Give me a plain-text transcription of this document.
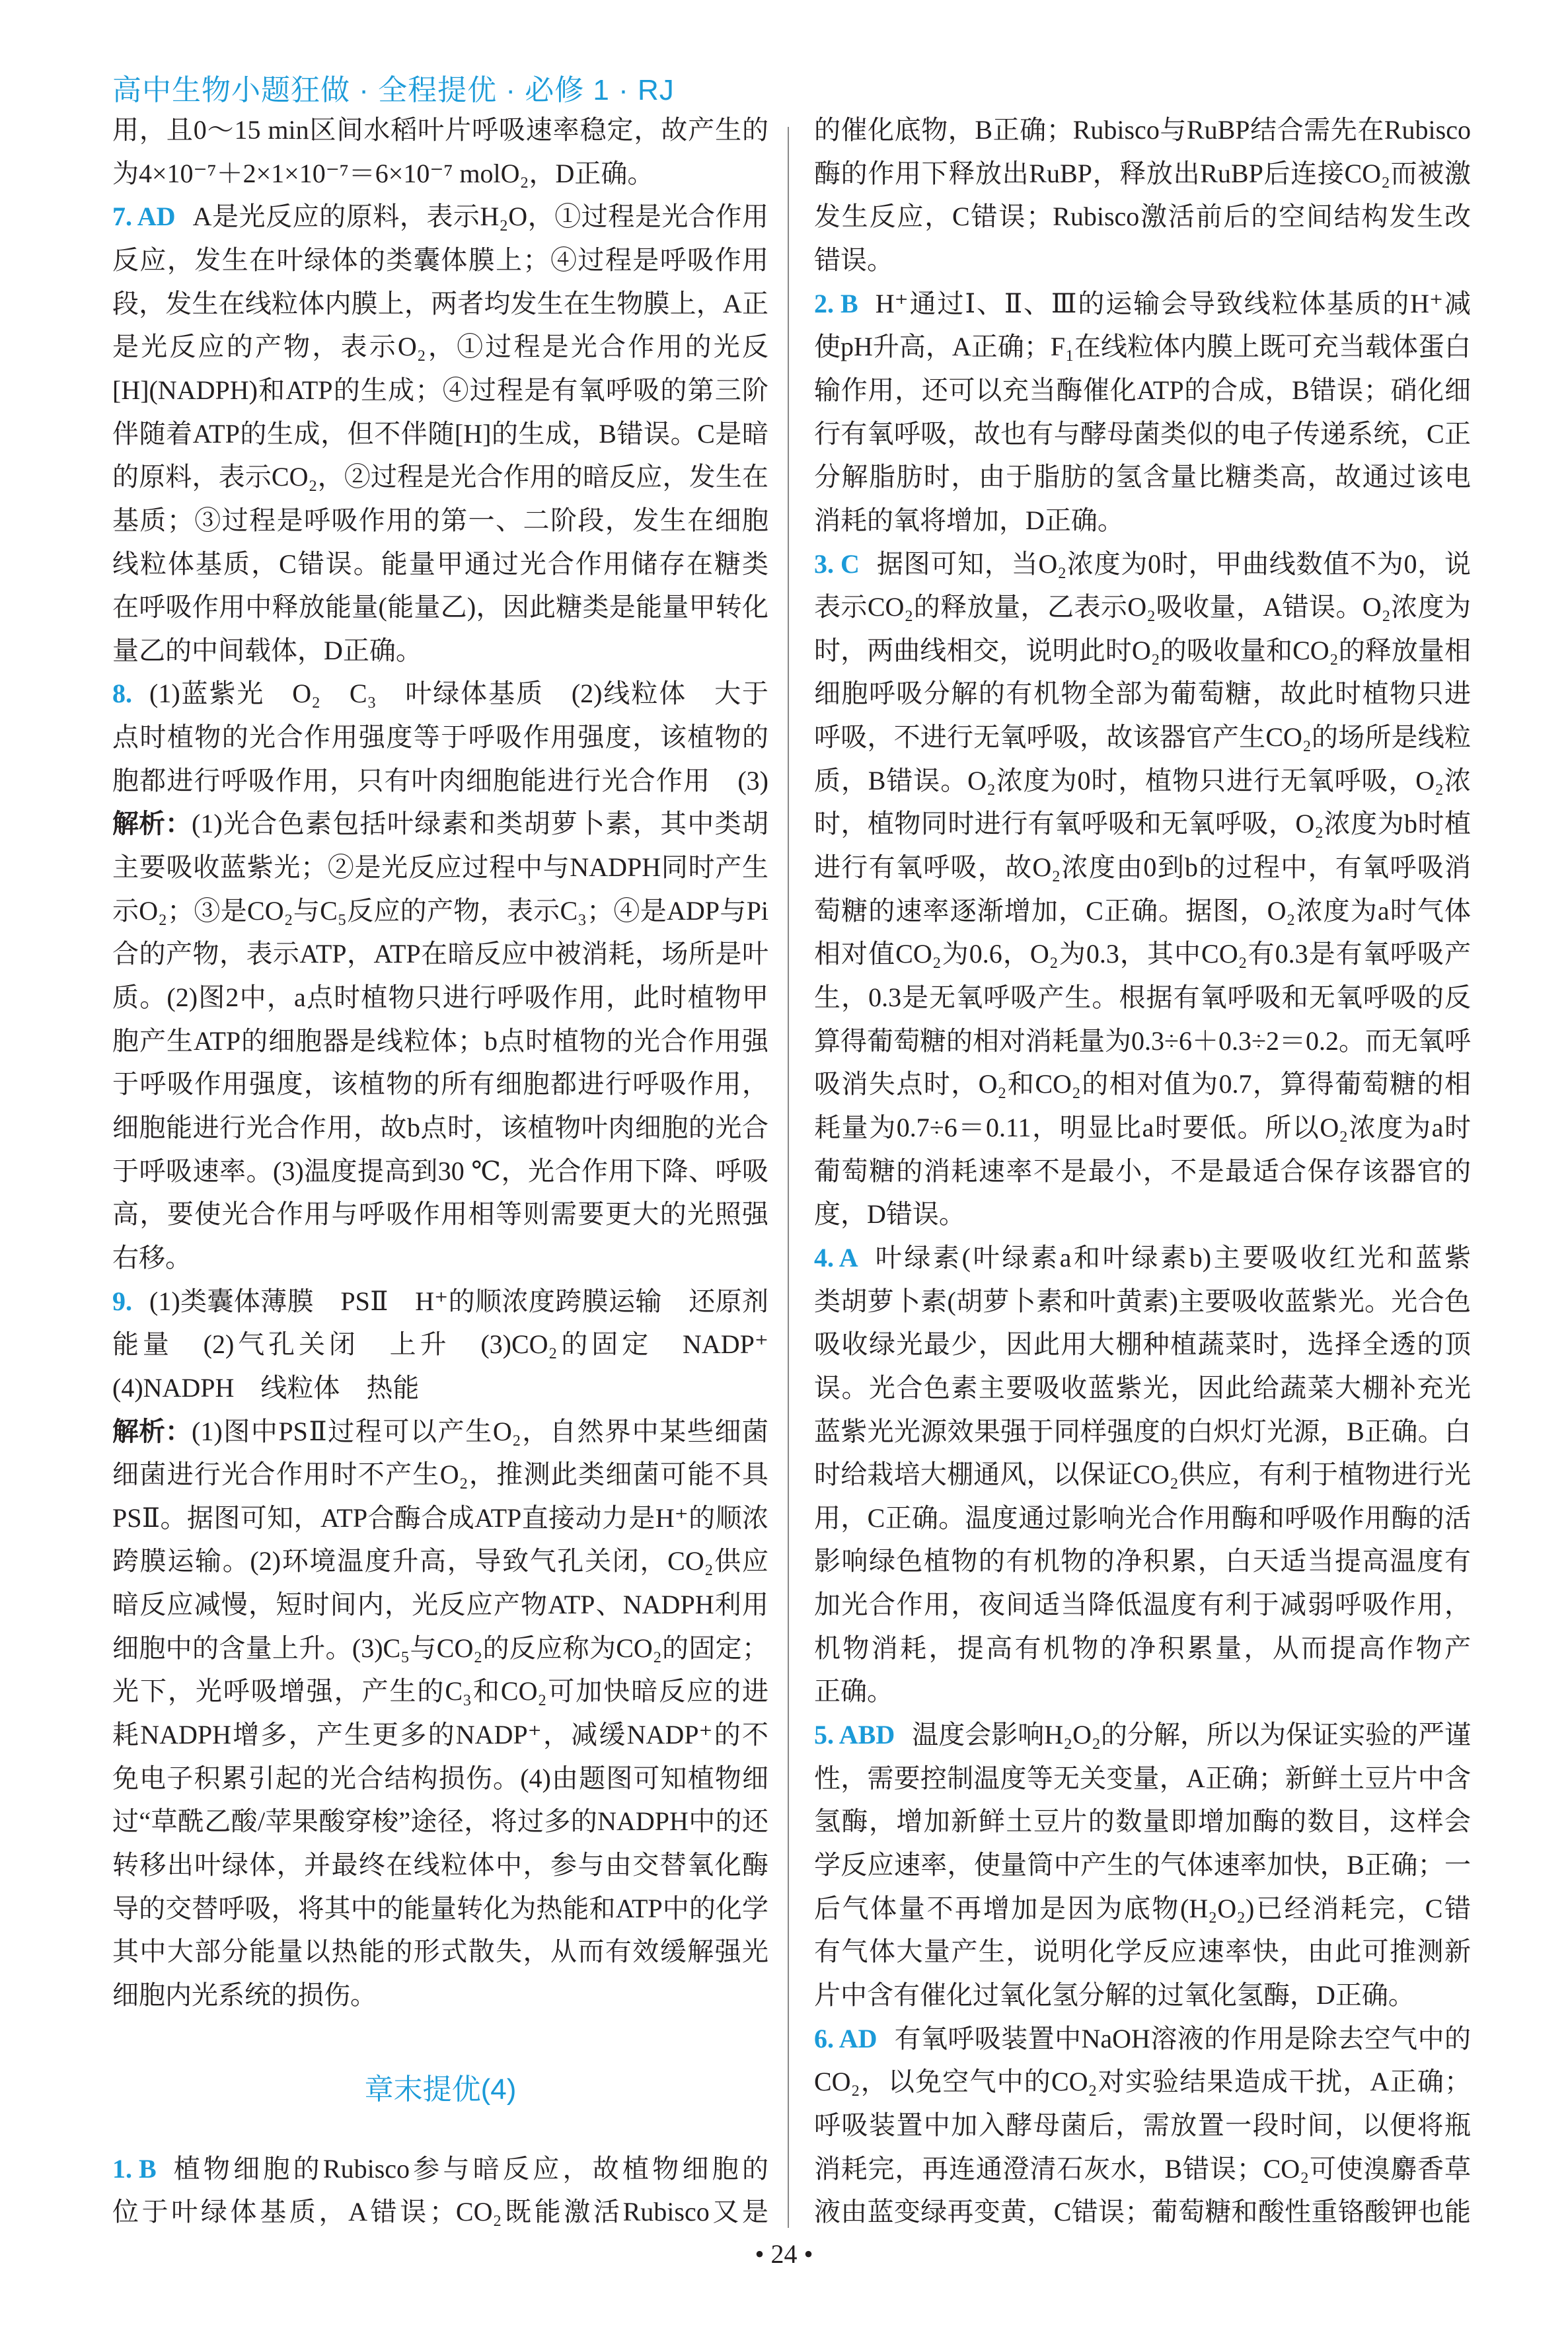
高中生物小题狂做 · 全程提优 · 必修 1 · RJ
用，且0～15 min区间水稻叶片呼吸速率稳定，故产生的
为4×10⁻⁷＋2×1×10⁻⁷＝6×10⁻⁷ molO₂，D正确。
7. AD A是光反应的原料，表示H₂O，①过程是光合作用
反应，发生在叶绿体的类囊体膜上；④过程是呼吸作用
段，发生在线粒体内膜上，两者均发生在生物膜上，A正
是光反应的产物，表示O₂，①过程是光合作用的光反
[H](NADPH)和ATP的生成；④过程是有氧呼吸的第三阶
伴随着ATP的生成，但不伴随[H]的生成，B错误。C是暗
的原料，表示CO₂，②过程是光合作用的暗反应，发生在
基质；③过程是呼吸作用的第一、二阶段，发生在细胞
线粒体基质，C错误。能量甲通过光合作用储存在糖类
在呼吸作用中释放能量(能量乙)，因此糖类是能量甲转化
量乙的中间载体，D正确。
8. (1)蓝紫光　O₂　C₃　叶绿体基质　(2)线粒体　大于　
点时植物的光合作用强度等于呼吸作用强度，该植物的
胞都进行呼吸作用，只有叶肉细胞能进行光合作用　(3)
解析： (1)光合色素包括叶绿素和类胡萝卜素，其中类胡
主要吸收蓝紫光；②是光反应过程中与NADPH同时产生
示O₂；③是CO₂与C₅反应的产物，表示C₃；④是ADP与Pi
合的产物，表示ATP，ATP在暗反应中被消耗，场所是叶
质。(2)图2中，a点时植物只进行呼吸作用，此时植物甲
胞产生ATP的细胞器是线粒体；b点时植物的光合作用强
于呼吸作用强度，该植物的所有细胞都进行呼吸作用，
细胞能进行光合作用，故b点时，该植物叶肉细胞的光合
于呼吸速率。(3)温度提高到30 ℃，光合作用下降、呼吸
高，要使光合作用与呼吸作用相等则需要更大的光照强
右移。
9. (1)类囊体薄膜　PSⅡ　H⁺的顺浓度跨膜运输　还原剂
能量　(2)气孔关闭　上升　(3)CO₂的固定　NADP⁺
(4)NADPH　线粒体　热能
解析： (1)图中PSⅡ过程可以产生O₂，自然界中某些细菌
细菌进行光合作用时不产生O₂，推测此类细菌可能不具
PSⅡ。据图可知，ATP合酶合成ATP直接动力是H⁺的顺浓
跨膜运输。(2)环境温度升高，导致气孔关闭，CO₂供应
暗反应减慢，短时间内，光反应产物ATP、NADPH利用
细胞中的含量上升。(3)C₅与CO₂的反应称为CO₂的固定；
光下，光呼吸增强，产生的C₃和CO₂可加快暗反应的进
耗NADPH增多，产生更多的NADP⁺，减缓NADP⁺的不
免电子积累引起的光合结构损伤。(4)由题图可知植物细
过“草酰乙酸/苹果酸穿梭”途径，将过多的NADPH中的还
转移出叶绿体，并最终在线粒体中，参与由交替氧化酶
导的交替呼吸，将其中的能量转化为热能和ATP中的化学
其中大部分能量以热能的形式散失，从而有效缓解强光
细胞内光系统的损伤。
1. B 植物细胞的Rubisco参与暗反应，故植物细胞的
位于叶绿体基质，A错误；CO₂既能激活Rubisco又是
的催化底物，B正确；Rubisco与RuBP结合需先在Rubisco
酶的作用下释放出RuBP，释放出RuBP后连接CO₂而被激
发生反应，C错误；Rubisco激活前后的空间结构发生改
错误。
2. B H⁺通过Ⅰ、Ⅱ、Ⅲ的运输会导致线粒体基质的H⁺减
使pH升高，A正确；F₁在线粒体内膜上既可充当载体蛋白
输作用，还可以充当酶催化ATP的合成，B错误；硝化细
行有氧呼吸，故也有与酵母菌类似的电子传递系统，C正
分解脂肪时，由于脂肪的氢含量比糖类高，故通过该电
消耗的氧将增加，D正确。
3. C 据图可知，当O₂浓度为0时，甲曲线数值不为0，说
表示CO₂的释放量，乙表示O₂吸收量，A错误。O₂浓度为
时，两曲线相交，说明此时O₂的吸收量和CO₂的释放量相
细胞呼吸分解的有机物全部为葡萄糖，故此时植物只进
呼吸，不进行无氧呼吸，故该器官产生CO₂的场所是线粒
质，B错误。O₂浓度为0时，植物只进行无氧呼吸，O₂浓
时，植物同时进行有氧呼吸和无氧呼吸，O₂浓度为b时植
进行有氧呼吸，故O₂浓度由0到b的过程中，有氧呼吸消
萄糖的速率逐渐增加，C正确。据图，O₂浓度为a时气体
相对值CO₂为0.6，O₂为0.3，其中CO₂有0.3是有氧呼吸产
生，0.3是无氧呼吸产生。根据有氧呼吸和无氧呼吸的反
算得葡萄糖的相对消耗量为0.3÷6＋0.3÷2＝0.2。而无氧呼
吸消失点时，O₂和CO₂的相对值为0.7，算得葡萄糖的相
耗量为0.7÷6＝0.11，明显比a时要低。所以O₂浓度为a时
葡萄糖的消耗速率不是最小，不是最适合保存该器官的
度，D错误。
4. A 叶绿素(叶绿素a和叶绿素b)主要吸收红光和蓝紫
类胡萝卜素(胡萝卜素和叶黄素)主要吸收蓝紫光。光合色
吸收绿光最少，因此用大棚种植蔬菜时，选择全透的顶
误。光合色素主要吸收蓝紫光，因此给蔬菜大棚补充光
蓝紫光光源效果强于同样强度的白炽灯光源，B正确。白
时给栽培大棚通风，以保证CO₂供应，有利于植物进行光
用，C正确。温度通过影响光合作用酶和呼吸作用酶的活
影响绿色植物的有机物的净积累，白天适当提高温度有
加光合作用，夜间适当降低温度有利于减弱呼吸作用，
机物消耗，提高有机物的净积累量，从而提高作物产
正确。
5. ABD 温度会影响H₂O₂的分解，所以为保证实验的严谨
性，需要控制温度等无关变量，A正确；新鲜土豆片中含
氢酶，增加新鲜土豆片的数量即增加酶的数目，这样会
学反应速率，使量筒中产生的气体速率加快，B正确；一
后气体量不再增加是因为底物(H₂O₂)已经消耗完，C错
有气体大量产生，说明化学反应速率快，由此可推测新
片中含有催化过氧化氢分解的过氧化氢酶，D正确。
6. AD 有氧呼吸装置中NaOH溶液的作用是除去空气中的
CO₂，以免空气中的CO₂对实验结果造成干扰，A正确；
呼吸装置中加入酵母菌后，需放置一段时间，以便将瓶
消耗完，再连通澄清石灰水，B错误；CO₂可使溴麝香草
液由蓝变绿再变黄，C错误；葡萄糖和酸性重铬酸钾也能
章末提优(4)
• 24 •
